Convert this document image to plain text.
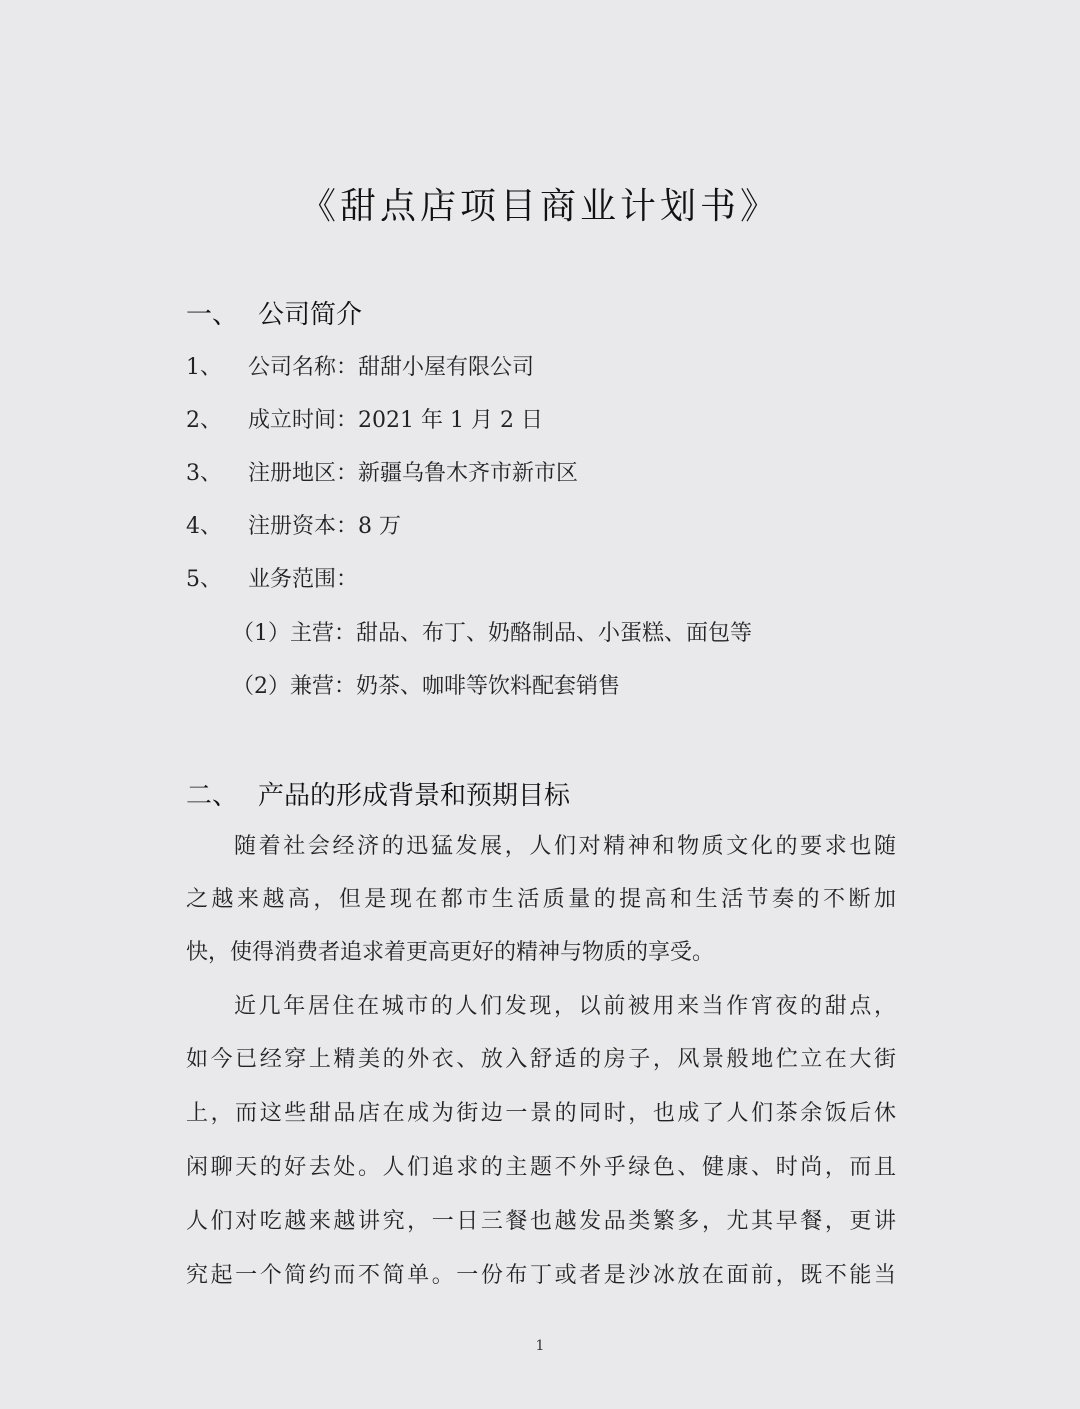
《甜点店项目商业计划书》
一、 公司简介
1、 公司名称：甜甜小屋有限公司
2、 成立时间：2021 年 1 月 2 日
3、 注册地区：新疆乌鲁木齐市新市区
4、 注册资本：8 万
5、 业务范围：
（1）主营：甜品、布丁、奶酪制品、小蛋糕、面包等
（2）兼营：奶茶、咖啡等饮料配套销售
二、 产品的形成背景和预期目标
随着社会经济的迅猛发展，人们对精神和物质文化的要求也随
之越来越高，但是现在都市生活质量的提高和生活节奏的不断加
快，使得消费者追求着更高更好的精神与物质的享受。
近几年居住在城市的人们发现，以前被用来当作宵夜的甜点，
如今已经穿上精美的外衣、放入舒适的房子，风景般地伫立在大街
上，而这些甜品店在成为街边一景的同时，也成了人们茶余饭后休
闲聊天的好去处。人们追求的主题不外乎绿色、健康、时尚，而且
人们对吃越来越讲究，一日三餐也越发品类繁多，尤其早餐，更讲
究起一个简约而不简单。一份布丁或者是沙冰放在面前，既不能当
1
